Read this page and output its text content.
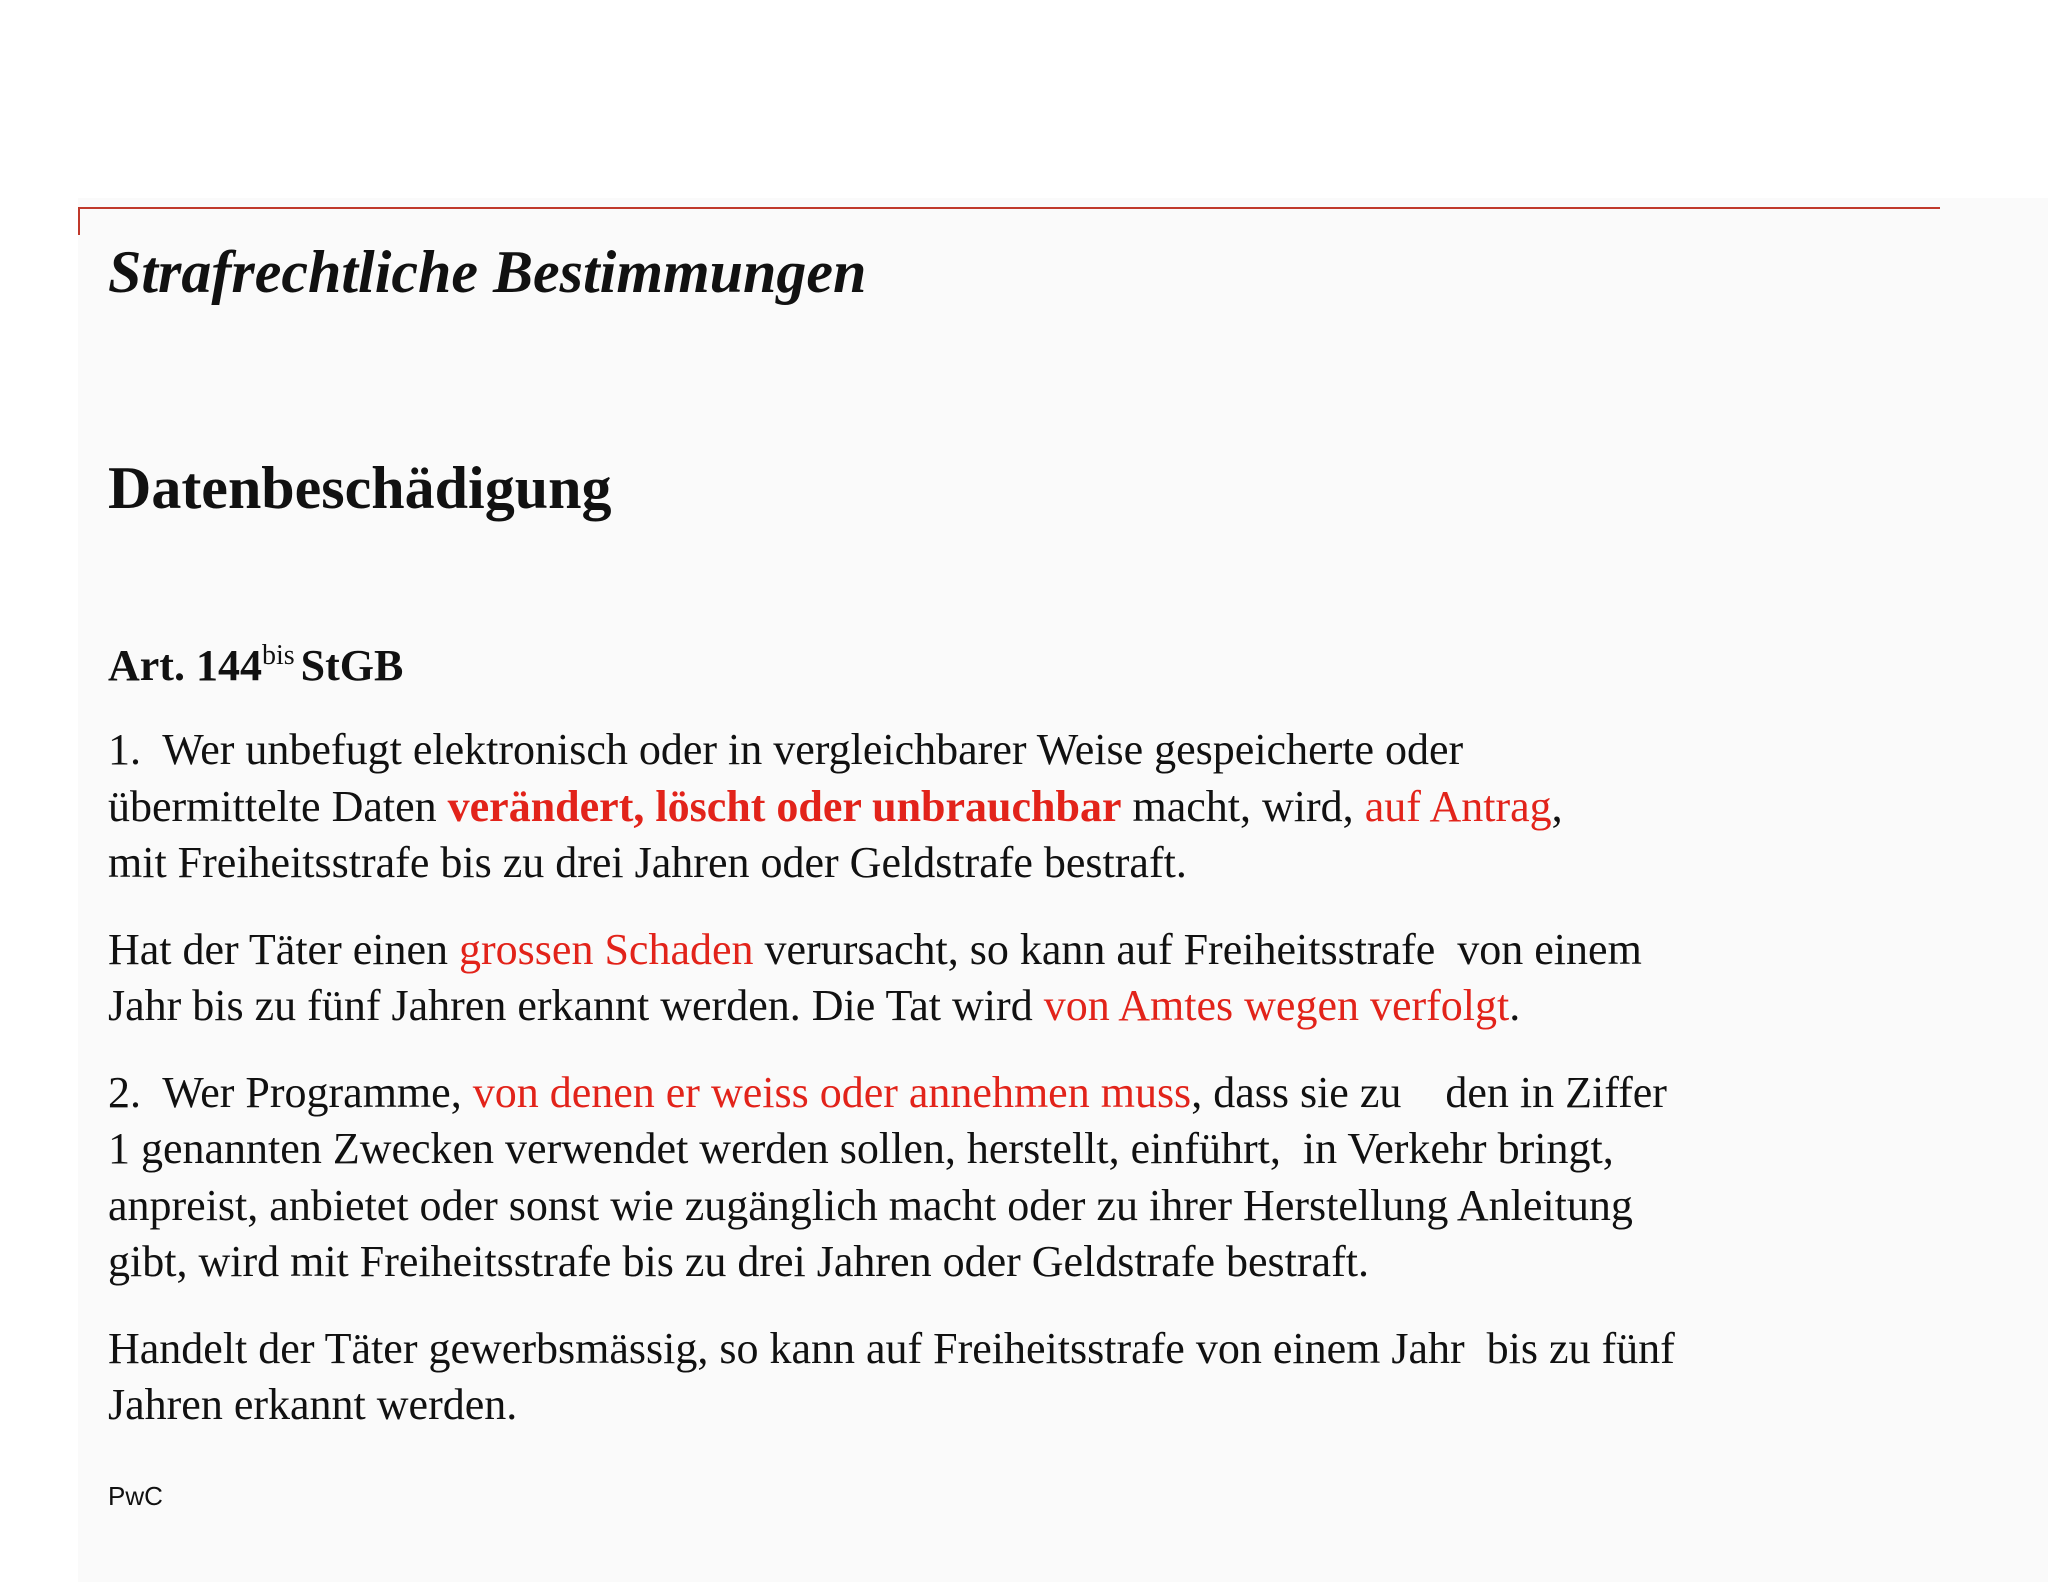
Strafrechtliche Bestimmungen
Datenbeschädigung
Art. $144^{bis}$ StGB

1. Wer unbefugt elektronisch oder in vergleichbarer Weise gespeicherte oder
übermittelte Daten verändert, löscht oder unbrauchbar macht, wird, auf Antrag,
mit Freiheitsstrafe bis zu drei Jahren oder Geldstrafe bestraft.

Hat der Täter einen grossen Schaden verursacht, so kann auf Freiheitsstrafe  von einem
Jahr bis zu fünf Jahren erkannt werden. Die Tat wird von Amtes wegen verfolgt.

2. Wer Programme, von denen er weiss oder annehmen muss, dass sie zu    den in Ziffer
1 genannten Zwecken verwendet werden sollen, herstellt, einführt,  in Verkehr bringt,
anpreist, anbietet oder sonst wie zugänglich macht oder zu ihrer Herstellung Anleitung
gibt, wird mit Freiheitsstrafe bis zu drei Jahren oder Geldstrafe bestraft.

Handelt der Täter gewerbsmässig, so kann auf Freiheitsstrafe von einem Jahr  bis zu fünf
Jahren erkannt werden.

PwC
